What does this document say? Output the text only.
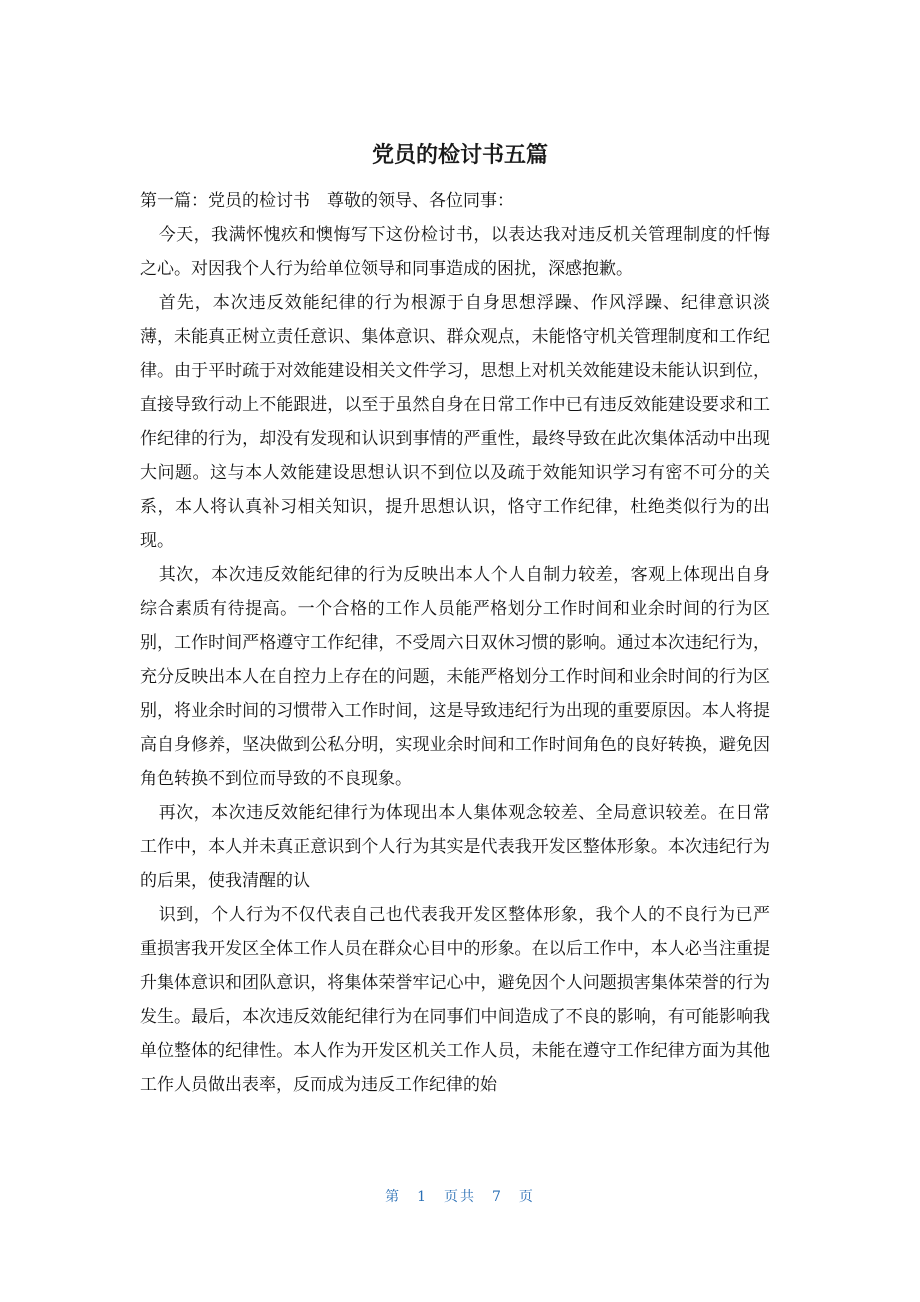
党员的检讨书五篇

第一篇：党员的检讨书　尊敬的领导、各位同事：

今天，我满怀愧疚和懊悔写下这份检讨书，以表达我对违反机关管理制度的忏悔之心。对因我个人行为给单位领导和同事造成的困扰，深感抱歉。

首先，本次违反效能纪律的行为根源于自身思想浮躁、作风浮躁、纪律意识淡薄，未能真正树立责任意识、集体意识、群众观点，未能恪守机关管理制度和工作纪律。由于平时疏于对效能建设相关文件学习，思想上对机关效能建设未能认识到位，直接导致行动上不能跟进，以至于虽然自身在日常工作中已有违反效能建设要求和工作纪律的行为，却没有发现和认识到事情的严重性，最终导致在此次集体活动中出现大问题。这与本人效能建设思想认识不到位以及疏于效能知识学习有密不可分的关系，本人将认真补习相关知识，提升思想认识，恪守工作纪律，杜绝类似行为的出现。

其次，本次违反效能纪律的行为反映出本人个人自制力较差，客观上体现出自身综合素质有待提高。一个合格的工作人员能严格划分工作时间和业余时间的行为区别，工作时间严格遵守工作纪律，不受周六日双休习惯的影响。通过本次违纪行为，充分反映出本人在自控力上存在的问题，未能严格划分工作时间和业余时间的行为区别，将业余时间的习惯带入工作时间，这是导致违纪行为出现的重要原因。本人将提高自身修养，坚决做到公私分明，实现业余时间和工作时间角色的良好转换，避免因角色转换不到位而导致的不良现象。

再次，本次违反效能纪律行为体现出本人集体观念较差、全局意识较差。在日常工作中，本人并未真正意识到个人行为其实是代表我开发区整体形象。本次违纪行为的后果，使我清醒的认

识到，个人行为不仅代表自己也代表我开发区整体形象，我个人的不良行为已严重损害我开发区全体工作人员在群众心目中的形象。在以后工作中，本人必当注重提升集体意识和团队意识，将集体荣誉牢记心中，避免因个人问题损害集体荣誉的行为发生。最后，本次违反效能纪律行为在同事们中间造成了不良的影响，有可能影响我单位整体的纪律性。本人作为开发区机关工作人员，未能在遵守工作纪律方面为其他工作人员做出表率，反而成为违反工作纪律的始

第 1 页共 7 页
